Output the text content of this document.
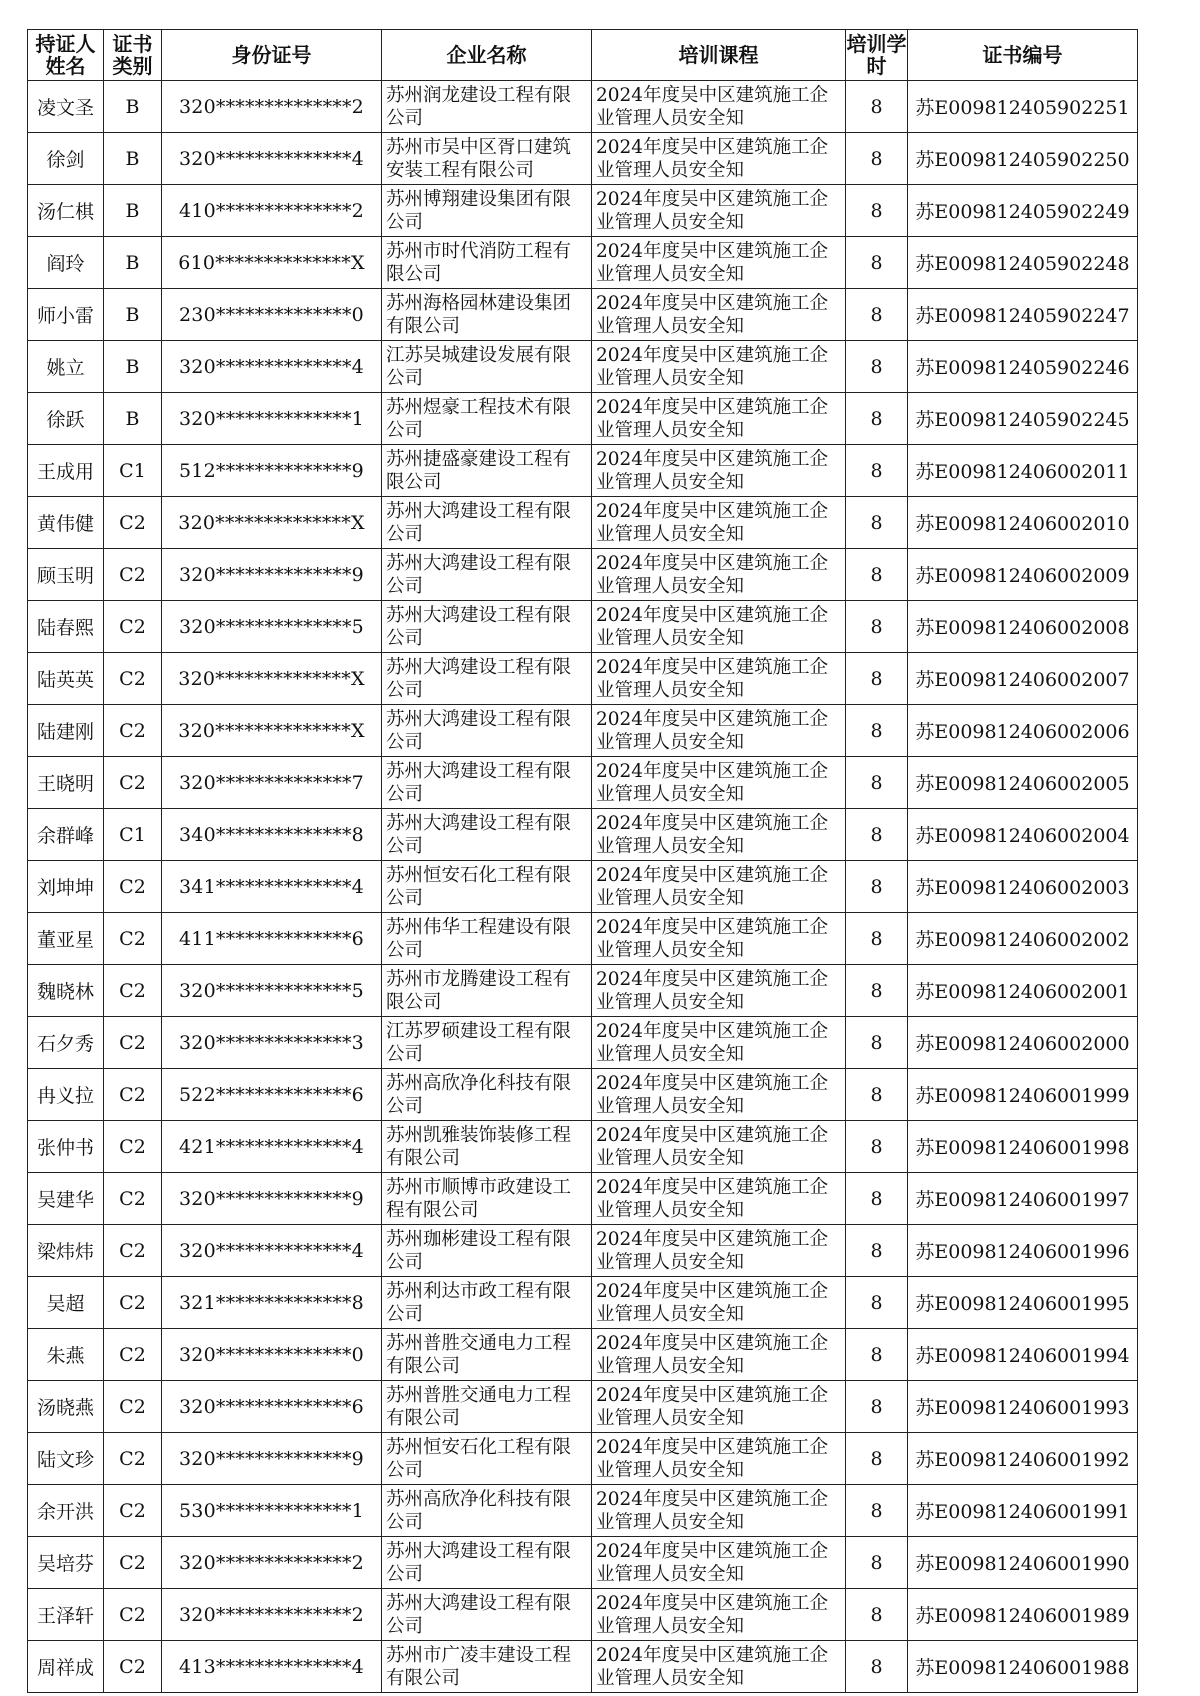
持证人姓名	证书类别	身份证号	企业名称	培训课程	培训学时	证书编号
凌文圣	B	320**************2	苏州润龙建设工程有限公司	2024年度吴中区建筑施工企业管理人员安全知	8	苏E009812405902251
徐剑	B	320**************4	苏州市吴中区胥口建筑安装工程有限公司	2024年度吴中区建筑施工企业管理人员安全知	8	苏E009812405902250
汤仁棋	B	410**************2	苏州博翔建设集团有限公司	2024年度吴中区建筑施工企业管理人员安全知	8	苏E009812405902249
阎玲	B	610**************X	苏州市时代消防工程有限公司	2024年度吴中区建筑施工企业管理人员安全知	8	苏E009812405902248
师小雷	B	230**************0	苏州海格园林建设集团有限公司	2024年度吴中区建筑施工企业管理人员安全知	8	苏E009812405902247
姚立	B	320**************4	江苏吴城建设发展有限公司	2024年度吴中区建筑施工企业管理人员安全知	8	苏E009812405902246
徐跃	B	320**************1	苏州煜豪工程技术有限公司	2024年度吴中区建筑施工企业管理人员安全知	8	苏E009812405902245
王成用	C1	512**************9	苏州捷盛豪建设工程有限公司	2024年度吴中区建筑施工企业管理人员安全知	8	苏E009812406002011
黄伟健	C2	320**************X	苏州大鸿建设工程有限公司	2024年度吴中区建筑施工企业管理人员安全知	8	苏E009812406002010
顾玉明	C2	320**************9	苏州大鸿建设工程有限公司	2024年度吴中区建筑施工企业管理人员安全知	8	苏E009812406002009
陆春熙	C2	320**************5	苏州大鸿建设工程有限公司	2024年度吴中区建筑施工企业管理人员安全知	8	苏E009812406002008
陆英英	C2	320**************X	苏州大鸿建设工程有限公司	2024年度吴中区建筑施工企业管理人员安全知	8	苏E009812406002007
陆建刚	C2	320**************X	苏州大鸿建设工程有限公司	2024年度吴中区建筑施工企业管理人员安全知	8	苏E009812406002006
王晓明	C2	320**************7	苏州大鸿建设工程有限公司	2024年度吴中区建筑施工企业管理人员安全知	8	苏E009812406002005
余群峰	C1	340**************8	苏州大鸿建设工程有限公司	2024年度吴中区建筑施工企业管理人员安全知	8	苏E009812406002004
刘坤坤	C2	341**************4	苏州恒安石化工程有限公司	2024年度吴中区建筑施工企业管理人员安全知	8	苏E009812406002003
董亚星	C2	411**************6	苏州伟华工程建设有限公司	2024年度吴中区建筑施工企业管理人员安全知	8	苏E009812406002002
魏晓林	C2	320**************5	苏州市龙腾建设工程有限公司	2024年度吴中区建筑施工企业管理人员安全知	8	苏E009812406002001
石夕秀	C2	320**************3	江苏罗硕建设工程有限公司	2024年度吴中区建筑施工企业管理人员安全知	8	苏E009812406002000
冉义拉	C2	522**************6	苏州高欣净化科技有限公司	2024年度吴中区建筑施工企业管理人员安全知	8	苏E009812406001999
张仲书	C2	421**************4	苏州凯雅装饰装修工程有限公司	2024年度吴中区建筑施工企业管理人员安全知	8	苏E009812406001998
吴建华	C2	320**************9	苏州市顺博市政建设工程有限公司	2024年度吴中区建筑施工企业管理人员安全知	8	苏E009812406001997
梁炜炜	C2	320**************4	苏州珈彬建设工程有限公司	2024年度吴中区建筑施工企业管理人员安全知	8	苏E009812406001996
吴超	C2	321**************8	苏州利达市政工程有限公司	2024年度吴中区建筑施工企业管理人员安全知	8	苏E009812406001995
朱燕	C2	320**************0	苏州普胜交通电力工程有限公司	2024年度吴中区建筑施工企业管理人员安全知	8	苏E009812406001994
汤晓燕	C2	320**************6	苏州普胜交通电力工程有限公司	2024年度吴中区建筑施工企业管理人员安全知	8	苏E009812406001993
陆文珍	C2	320**************9	苏州恒安石化工程有限公司	2024年度吴中区建筑施工企业管理人员安全知	8	苏E009812406001992
余开洪	C2	530**************1	苏州高欣净化科技有限公司	2024年度吴中区建筑施工企业管理人员安全知	8	苏E009812406001991
吴培芬	C2	320**************2	苏州大鸿建设工程有限公司	2024年度吴中区建筑施工企业管理人员安全知	8	苏E009812406001990
王泽轩	C2	320**************2	苏州大鸿建设工程有限公司	2024年度吴中区建筑施工企业管理人员安全知	8	苏E009812406001989
周祥成	C2	413**************4	苏州市广凌丰建设工程有限公司	2024年度吴中区建筑施工企业管理人员安全知	8	苏E009812406001988
